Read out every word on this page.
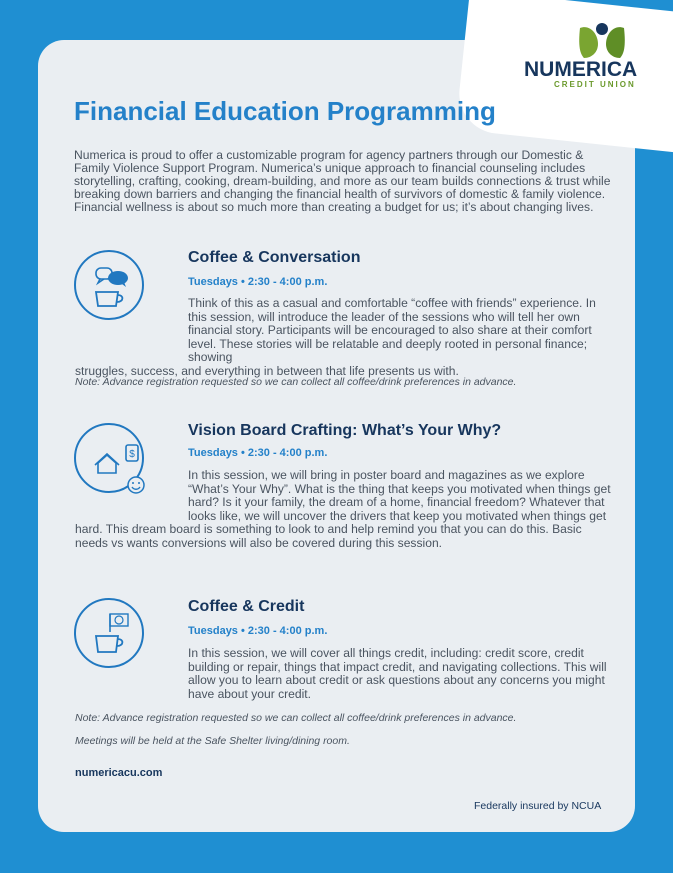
NUMERICA
CREDIT UNION
Financial Education Programming
Numerica is proud to offer a customizable program for agency partners through our Domestic & Family Violence Support Program. Numerica’s unique approach to financial counseling includes storytelling, crafting, cooking, dream-building, and more as our team builds connections & trust while breaking down barriers and changing the financial health of survivors of domestic & family violence. Financial wellness is about so much more than creating a budget for us; it’s about changing lives.
Coffee & Conversation
Tuesdays • 2:30 - 4:00 p.m.
Think of this as a casual and comfortable “coffee with friends” experience. In this session, will introduce the leader of the sessions who will tell her own financial story. Participants will be encouraged to also share at their comfort level. These stories will be relatable and deeply rooted in personal finance; showing
struggles, success, and everything in between that life presents us with.
Note: Advance registration requested so we can collect all coffee/drink preferences in advance.
$
Vision Board Crafting: What’s Your Why?
Tuesdays • 2:30 - 4:00 p.m.
In this session, we will bring in poster board and magazines as we explore “What’s Your Why”. What is the thing that keeps you motivated when things get hard? Is it your family, the dream of a home, financial freedom? Whatever that looks like, we will uncover the drivers that keep you motivated when things get
hard. This dream board is something to look to and help remind you that you can do this. Basic needs vs wants conversions will also be covered during this session.
Coffee & Credit
Tuesdays • 2:30 - 4:00 p.m.
In this session, we will cover all things credit, including: credit score, credit building or repair, things that impact credit, and navigating collections. This will allow you to learn about credit or ask questions about any concerns you might have about your credit.
Note: Advance registration requested so we can collect all coffee/drink preferences in advance.
Meetings will be held at the Safe Shelter living/dining room.
numericacu.com
Federally insured by NCUA
